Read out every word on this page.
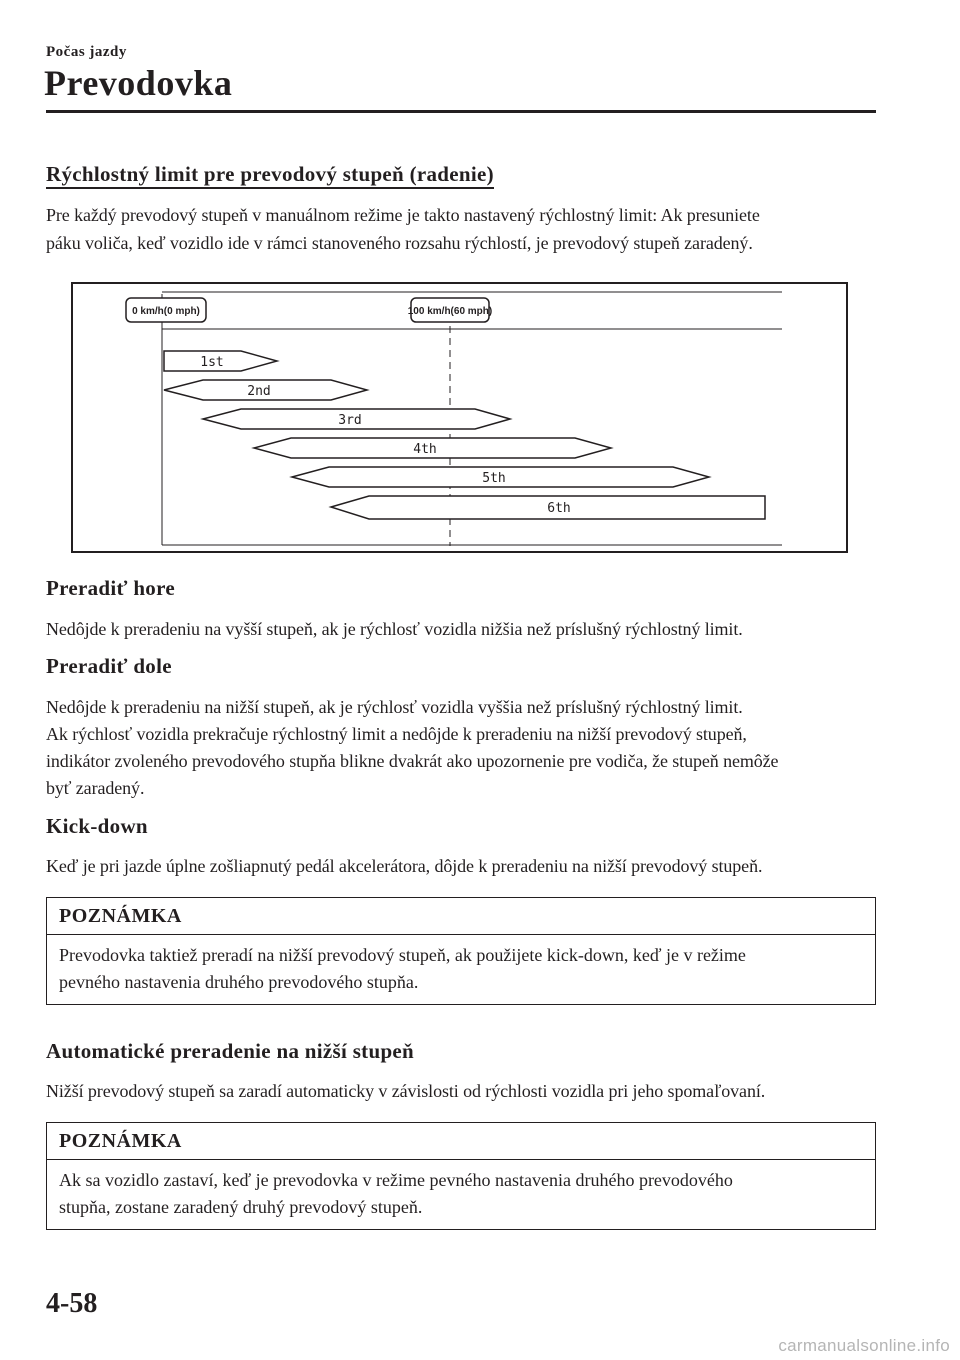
Počas jazdy
Prevodovka
Rýchlostný limit pre prevodový stupeň (radenie)

Pre každý prevodový stupeň v manuálnom režime je takto nastavený rýchlostný limit: Ak presuniete

páku voliča, keď vozidlo ide v rámci stanoveného rozsahu rýchlostí, je prevodový stupeň zaradený.

0 km/h(0 mph)	100 km/h(60 mph)
1st
2nd
3rd
4th
5th
6th
Preradiť hore

Nedôjde k preradeniu na vyšší stupeň, ak je rýchlosť vozidla nižšia než príslušný rýchlostný limit.

Preradiť dole

Nedôjde k preradeniu na nižší stupeň, ak je rýchlosť vozidla vyššia než príslušný rýchlostný limit.

Ak rýchlosť vozidla prekračuje rýchlostný limit a nedôjde k preradeniu na nižší prevodový stupeň,

indikátor zvoleného prevodového stupňa blikne dvakrát ako upozornenie pre vodiča, že stupeň nemôže

byť zaradený.

Kick-down

Keď je pri jazde úplne zošliapnutý pedál akcelerátora, dôjde k preradeniu na nižší prevodový stupeň.

POZNÁMKA
Prevodovka taktiež preradí na nižší prevodový stupeň, ak použijete kick-down, keď je v režime
pevného nastavenia druhého prevodového stupňa.
Automatické preradenie na nižší stupeň

Nižší prevodový stupeň sa zaradí automaticky v závislosti od rýchlosti vozidla pri jeho spomaľovaní.

POZNÁMKA
Ak sa vozidlo zastaví, keď je prevodovka v režime pevného nastavenia druhého prevodového
stupňa, zostane zaradený druhý prevodový stupeň.
4-58
carmanualsonline.info
